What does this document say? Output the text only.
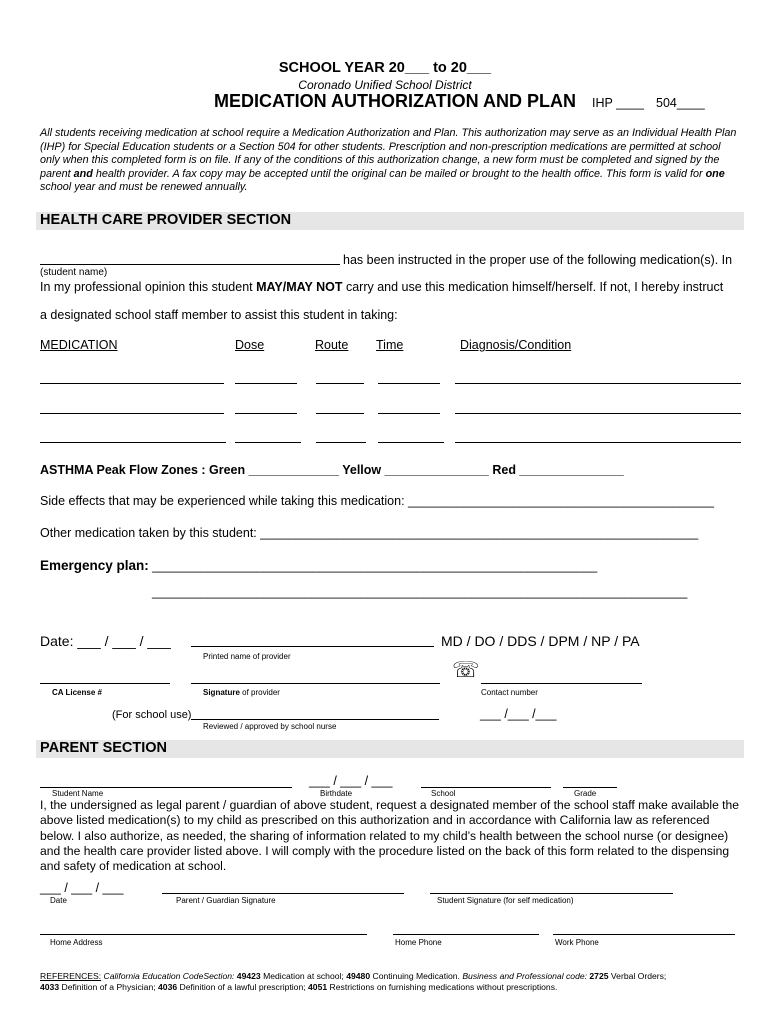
SCHOOL YEAR 20___ to 20___
Coronado Unified School District
MEDICATION AUTHORIZATION AND PLAN IHP ____ 504____
All students receiving medication at school require a Medication Authorization and Plan. This authorization may serve as an Individual Health Plan (IHP) for Special Education students or a Section 504 for other students. Prescription and non-prescription medications are permitted at school only when this completed form is on file. If any of the conditions of this authorization change, a new form must be completed and signed by the parent and health provider. A fax copy may be accepted until the original can be mailed or brought to the health office. This form is valid for one school year and must be renewed annually.
HEALTH CARE PROVIDER SECTION
has been instructed in the proper use of the following medication(s). In
(student name)
In my professional opinion this student MAY/MAY NOT carry and use this medication himself/herself. If not, I hereby instruct
a designated school staff member to assist this student in taking:
MEDICATION	Dose	Route Time	Diagnosis/Condition
ASTHMA Peak Flow Zones : Green _____________ Yellow _______________ Red _______________
Side effects that may be experienced while taking this medication: ____________________________________________
Other medication taken by this student: _______________________________________________________________
Emergency plan: ________________________________________________________________
_____________________________________________________________________________
Date: ___ / ___ / ___	MD / DO / DDS / DPM / NP / PA
Printed name of provider
☏
CA License #	Signature of provider	Contact number
(For school use)	___ /___ /___
Reviewed / approved by school nurse
PARENT SECTION
___ / ___ / ___
Student Name	Birthdate	School	Grade
I, the undersigned as legal parent / guardian of above student, request a designated member of the school staff make available the above listed medication(s) to my child as prescribed on this authorization and in accordance with California law as referenced below. I also authorize, as needed, the sharing of information related to my child’s health between the school nurse (or designee) and the health care provider listed above. I will comply with the procedure listed on the back of this form related to the dispensing and safety of medication at school.
___ / ___ / ___
Date	Parent / Guardian Signature	Student Signature (for self medication)
Home Address	Home Phone	Work Phone
REFERENCES: California Education CodeSection: 49423 Medication at school; 49480 Continuing Medication. Business and Professional code: 2725 Verbal Orders;
4033 Definition of a Physician; 4036 Definition of a lawful prescription; 4051 Restrictions on furnishing medications without prescriptions.
